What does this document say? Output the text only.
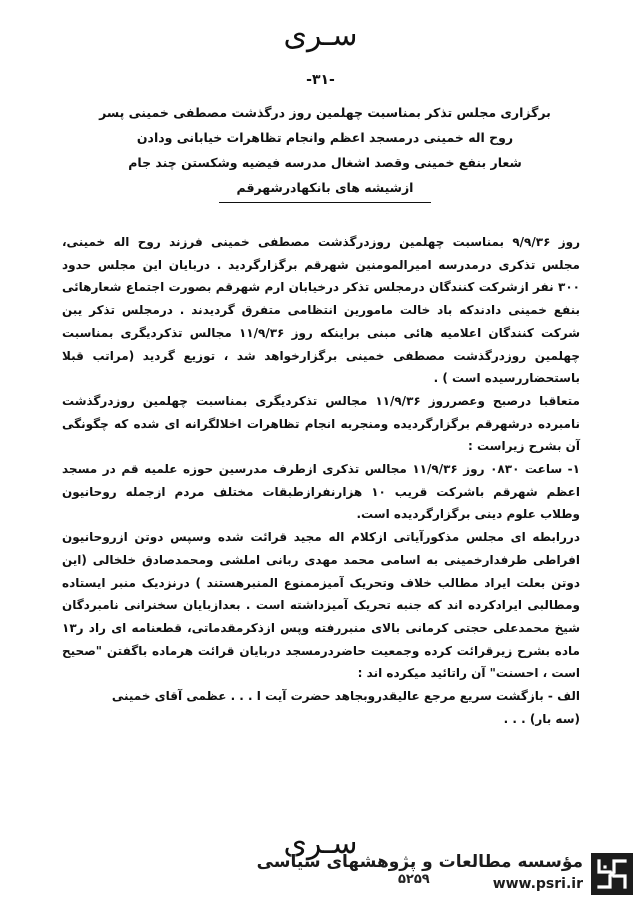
سـری
-۳۱-
برگزاری مجلس تذکر بمناسبت چهلمین روز درگذشت مصطفی خمینی پسر
روح اله خمینی درمسجد اعظم وانجام تظاهرات خیابانی ودادن
شعار بنفع خمینی وقصد اشغال مدرسه فیضیه وشکستن چند جام
ازشیشه های بانکهادرشهرقم

روز ۹/۹/۳۶ بمناسبت چهلمین روزدرگذشت مصطفی خمینی فرزند روح اله خمینی، مجلس تذکری درمدرسه امیرالمومنین شهرقم برگزارگردید . دربایان این مجلس حدود ۳۰۰ نفر ازشرکت کنندگان درمجلس تذکر درخیابان ارم شهرقم بصورت اجتماع شعارهائی بنفع خمینی دادندکه باد خالت مامورین انتظامی متفرق گردیدند . درمجلس تذکر یبن شرکت کنندگان اعلامیه هائی مبنی براینکه روز ۱۱/۹/۳۶ مجالس تذکردیگری بمناسبت چهلمین روزدرگذشت مصطفی خمینی برگزارخواهد شد ، توزیع گردید (مراتب قبلا باستحضاررسیده است ) .

متعاقبا درصبح وعصرروز ۱۱/۹/۳۶ مجالس تذکردیگری بمناسبت چهلمین روزدرگذشت نامبرده درشهرقم برگزارگردیده ومنجربه انجام تظاهرات اخلالگرانه ای شده که چگونگی آن بشرح زیراست :

۱- ساعت ۰۸۳۰ روز ۱۱/۹/۳۶ مجالس تذکری ازطرف مدرسین حوزه علمیه قم در مسجد اعظم شهرقم باشرکت قریب ۱۰ هزارنفرازطبقات مختلف مردم ازجمله روحانیون وطلاب علوم دینی برگزارگردیده است.

دررابطه ای مجلس مذکورآیاتی ازکلام اله مجید قرائت شده وسپس دوتن ازروحانیون افراطی طرفدارخمینی به اسامی محمد مهدی ربانی املشی ومحمدصادق خلخالی (این دوتن بعلت ایراد مطالب خلاف وتحریک آمیزممنوع المنبرهستند ) درنزدیک منبر ایستاده ومطالبی ایرادکرده اند که جنبه تحریک آمیزداشته است . بعدازبایان سخنرانی نامبردگان شیخ محمدعلی حجتی کرمانی بالای منبررفته وپس ازذکرمقدماتی، قطعنامه ای راد ر۱۳ ماده بشرح زیرقرائت کرده وجمعیت حاضردرمسجد دربایان قرائت هرماده باگفتن "صحیح است ، احسنت" آن راتائید میکرده اند :

الف - بازگشت سریع مرجع عالیقدروبجاهد حضرت آیت ا . . . عظمی آقای خمینی

(سه بار) . . .

سـری
۵۲۵۹
مؤسسه مطالعات و پژوهشهای سیاسی
www.psri.ir
